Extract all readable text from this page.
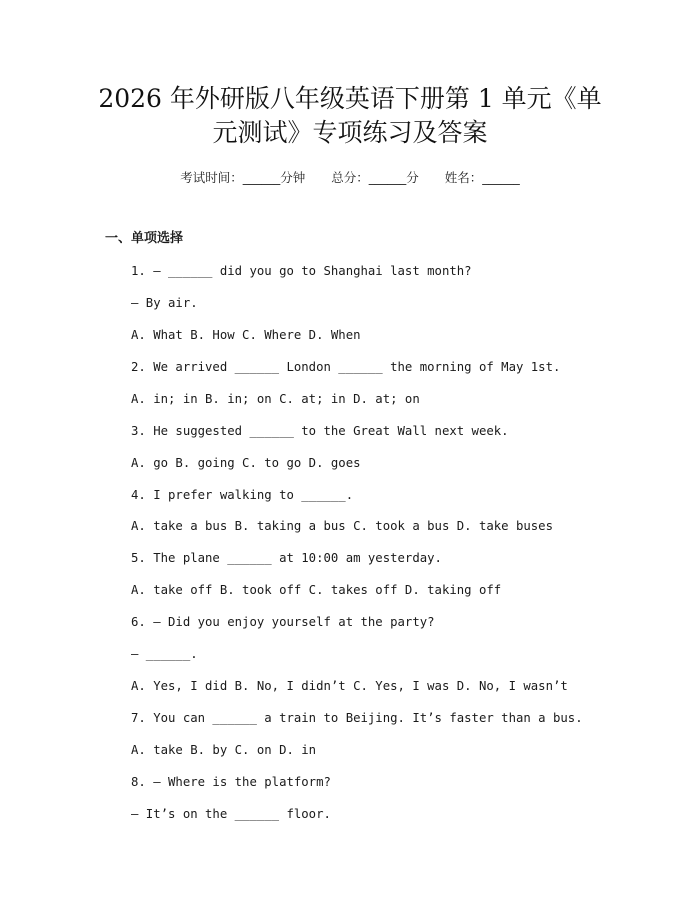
2026 年外研版八年级英语下册第 1 单元《单
元测试》专项练习及答案
考试时间：______分钟 总分：______分 姓名：______
一、单项选择
1. — ______ did you go to Shanghai last month?
— By air.
A. What B. How C. Where D. When
2. We arrived ______ London ______ the morning of May 1st.
A. in; in B. in; on C. at; in D. at; on
3. He suggested ______ to the Great Wall next week.
A. go B. going C. to go D. goes
4. I prefer walking to ______.
A. take a bus B. taking a bus C. took a bus D. take buses
5. The plane ______ at 10:00 am yesterday.
A. take off B. took off C. takes off D. taking off
6. — Did you enjoy yourself at the party?
— ______.
A. Yes, I did B. No, I didn’t C. Yes, I was D. No, I wasn’t
7. You can ______ a train to Beijing. It’s faster than a bus.
A. take B. by C. on D. in
8. — Where is the platform?
— It’s on the ______ floor.
